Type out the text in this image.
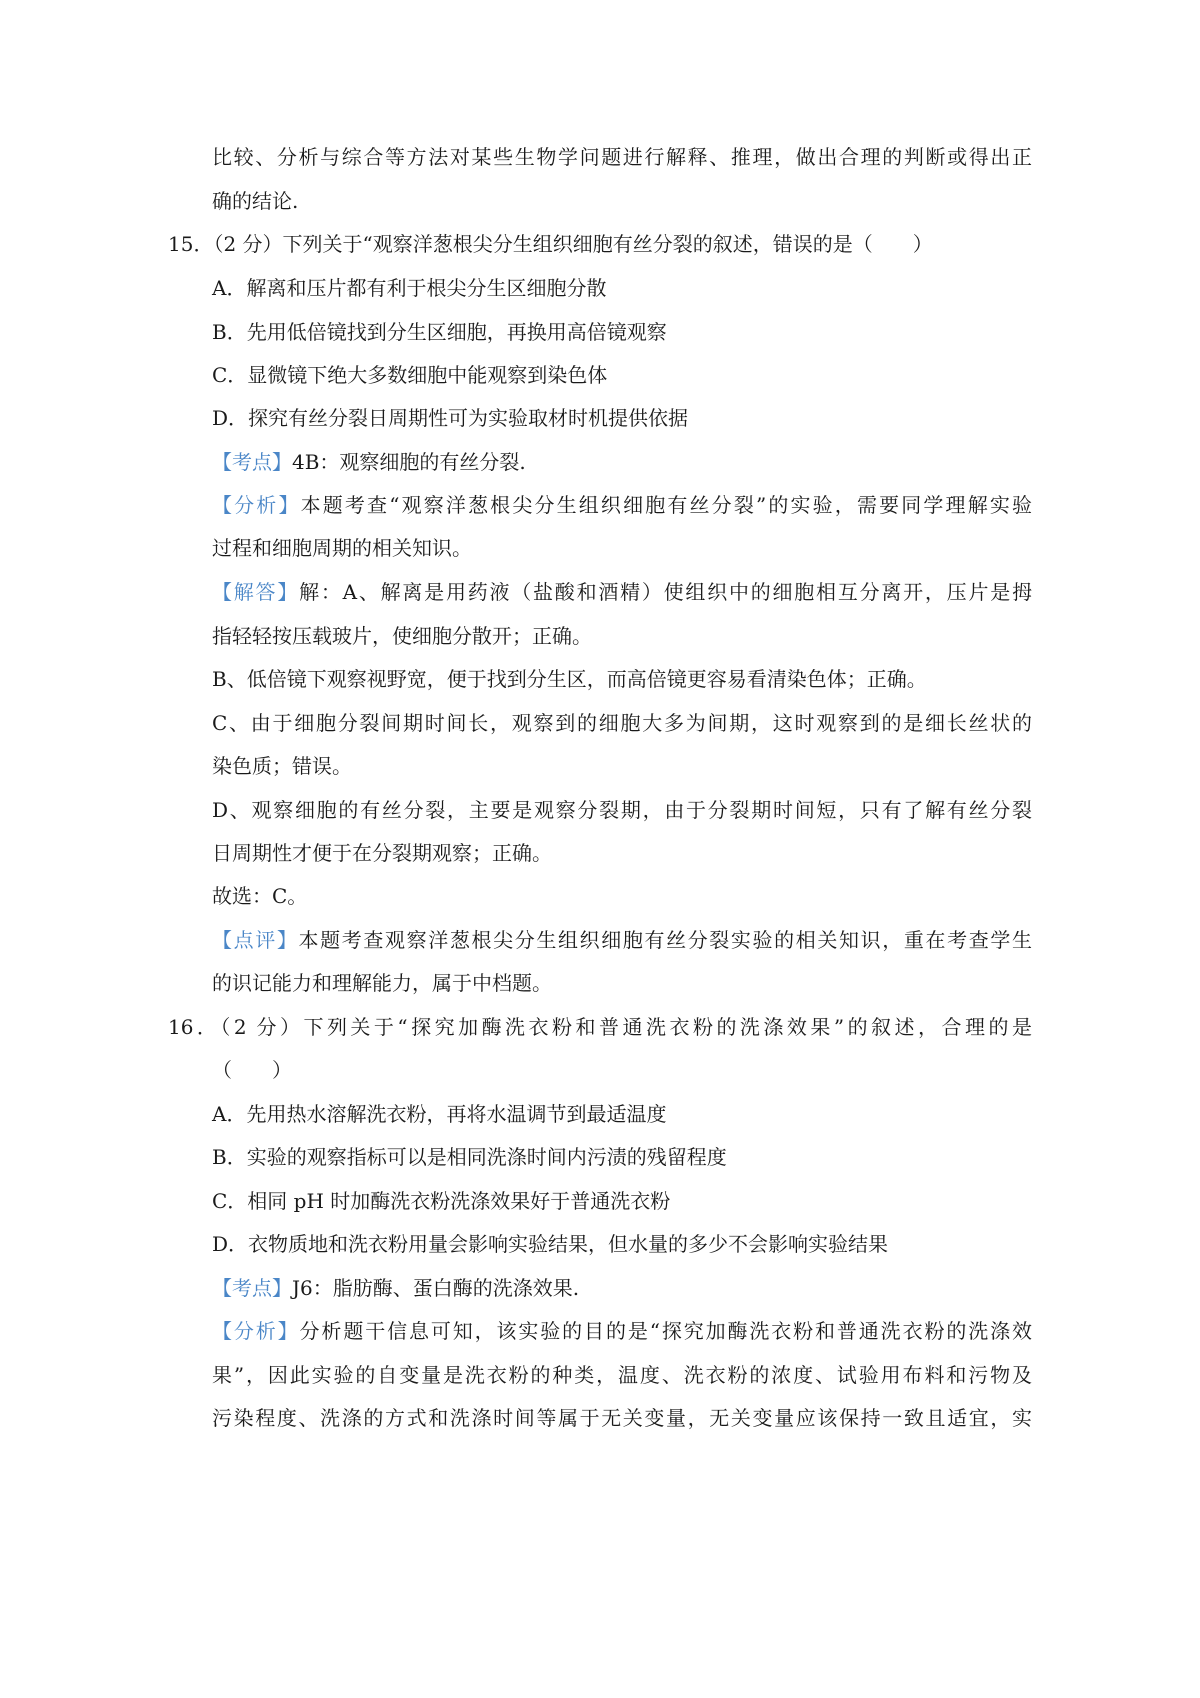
比较、分析与综合等方法对某些生物学问题进行解释、推理，做出合理的判断或得出正
确的结论.
15．（2 分）下列关于“观察洋葱根尖分生组织细胞有丝分裂的叙述，错误的是（　　）
A．解离和压片都有利于根尖分生区细胞分散
B．先用低倍镜找到分生区细胞，再换用高倍镜观察
C．显微镜下绝大多数细胞中能观察到染色体
D．探究有丝分裂日周期性可为实验取材时机提供依据
【考点】4B：观察细胞的有丝分裂.
【分析】本题考查“观察洋葱根尖分生组织细胞有丝分裂”的实验，需要同学理解实验
过程和细胞周期的相关知识。
【解答】解：A、解离是用药液（盐酸和酒精）使组织中的细胞相互分离开，压片是拇
指轻轻按压载玻片，使细胞分散开；正确。
B、低倍镜下观察视野宽，便于找到分生区，而高倍镜更容易看清染色体；正确。
C、由于细胞分裂间期时间长，观察到的细胞大多为间期，这时观察到的是细长丝状的
染色质；错误。
D、观察细胞的有丝分裂，主要是观察分裂期，由于分裂期时间短，只有了解有丝分裂
日周期性才便于在分裂期观察；正确。
故选：C。
【点评】本题考查观察洋葱根尖分生组织细胞有丝分裂实验的相关知识，重在考查学生
的识记能力和理解能力，属于中档题。
16．（2 分）下列关于“探究加酶洗衣粉和普通洗衣粉的洗涤效果”的叙述，合理的是
（　　）
A．先用热水溶解洗衣粉，再将水温调节到最适温度
B．实验的观察指标可以是相同洗涤时间内污渍的残留程度
C．相同 pH 时加酶洗衣粉洗涤效果好于普通洗衣粉
D．衣物质地和洗衣粉用量会影响实验结果，但水量的多少不会影响实验结果
【考点】J6：脂肪酶、蛋白酶的洗涤效果.
【分析】分析题干信息可知，该实验的目的是“探究加酶洗衣粉和普通洗衣粉的洗涤效
果”，因此实验的自变量是洗衣粉的种类，温度、洗衣粉的浓度、试验用布料和污物及
污染程度、洗涤的方式和洗涤时间等属于无关变量，无关变量应该保持一致且适宜，实
